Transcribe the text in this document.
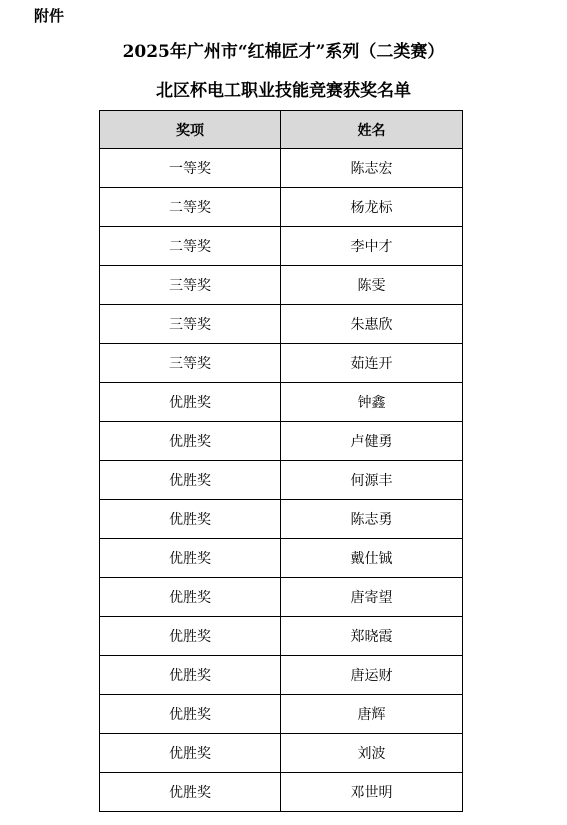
附件
2025年广州市“红棉匠才”系列（二类赛）
北区杯电工职业技能竞赛获奖名单
奖项	姓名
一等奖	陈志宏
二等奖	杨龙标
二等奖	李中才
三等奖	陈雯
三等奖	朱惠欣
三等奖	茹连开
优胜奖	钟鑫
优胜奖	卢健勇
优胜奖	何源丰
优胜奖	陈志勇
优胜奖	戴仕铖
优胜奖	唐寄望
优胜奖	郑晓霞
优胜奖	唐运财
优胜奖	唐辉
优胜奖	刘波
优胜奖	邓世明
